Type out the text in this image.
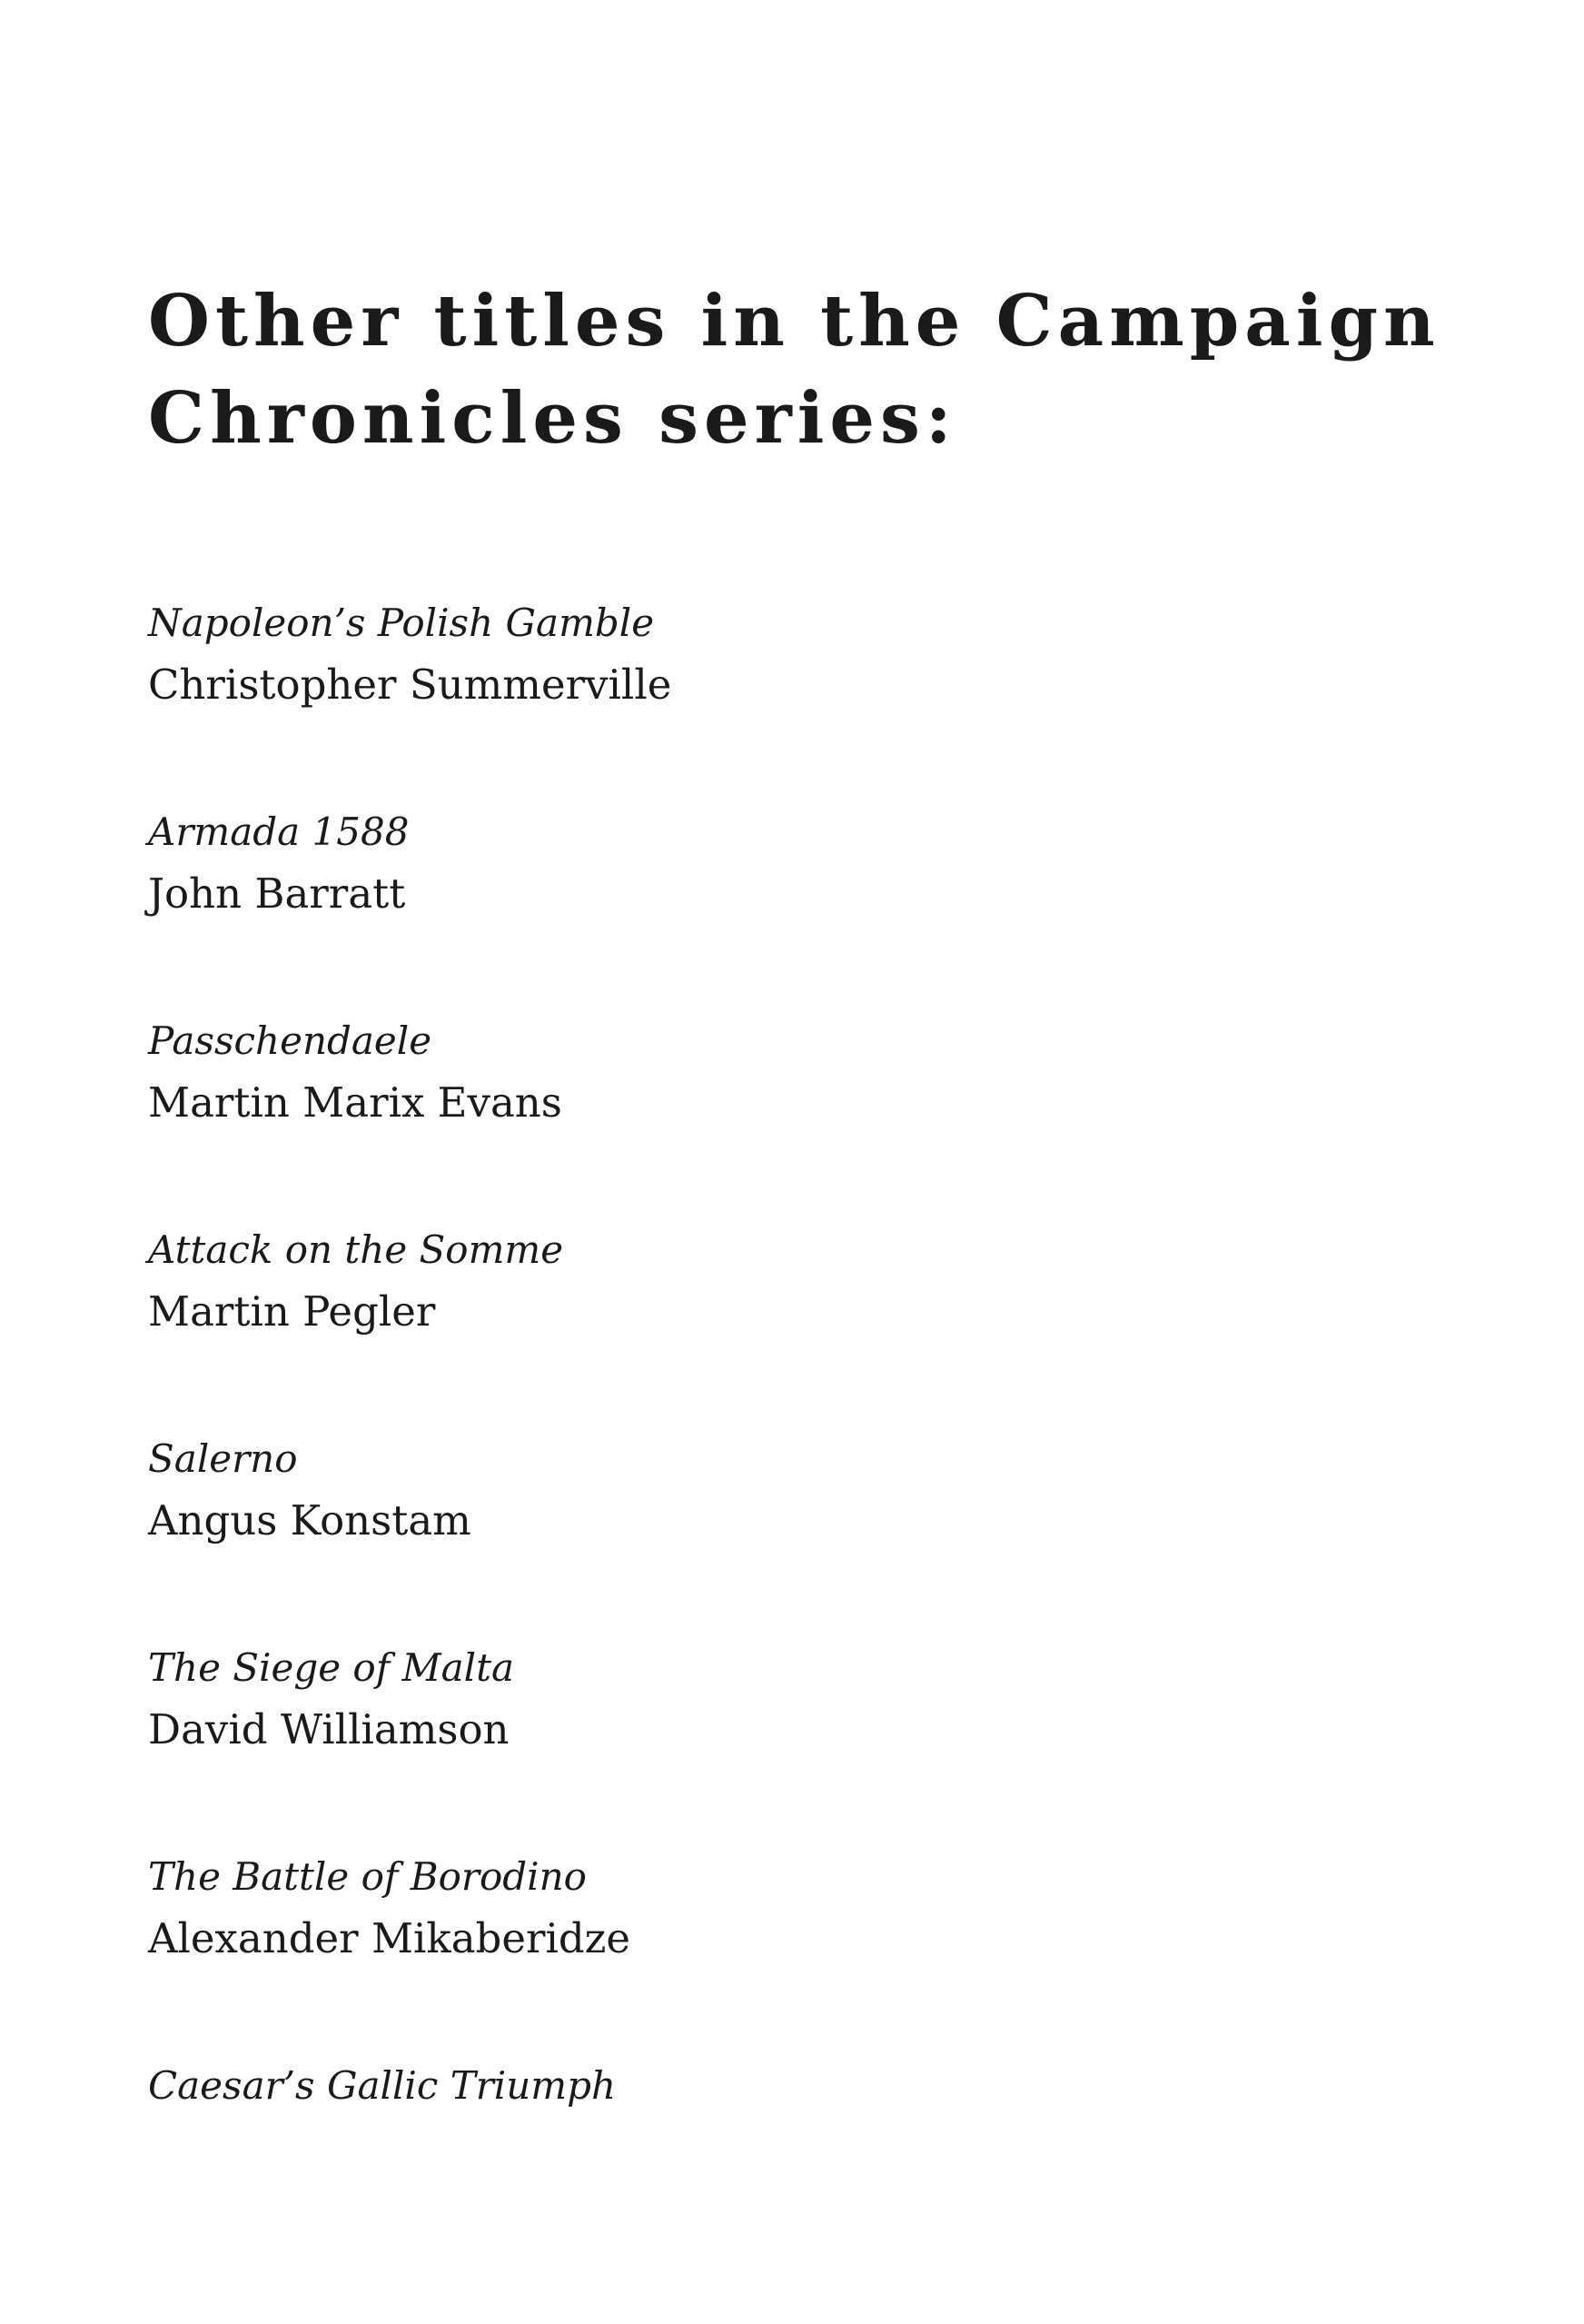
Other titles in the Campaign Chronicles series:
Napoleon’s Polish Gamble
Christopher Summerville
Armada 1588
John Barratt
Passchendaele
Martin Marix Evans
Attack on the Somme
Martin Pegler
Salerno
Angus Konstam
The Siege of Malta
David Williamson
The Battle of Borodino
Alexander Mikaberidze
Caesar’s Gallic Triumph
